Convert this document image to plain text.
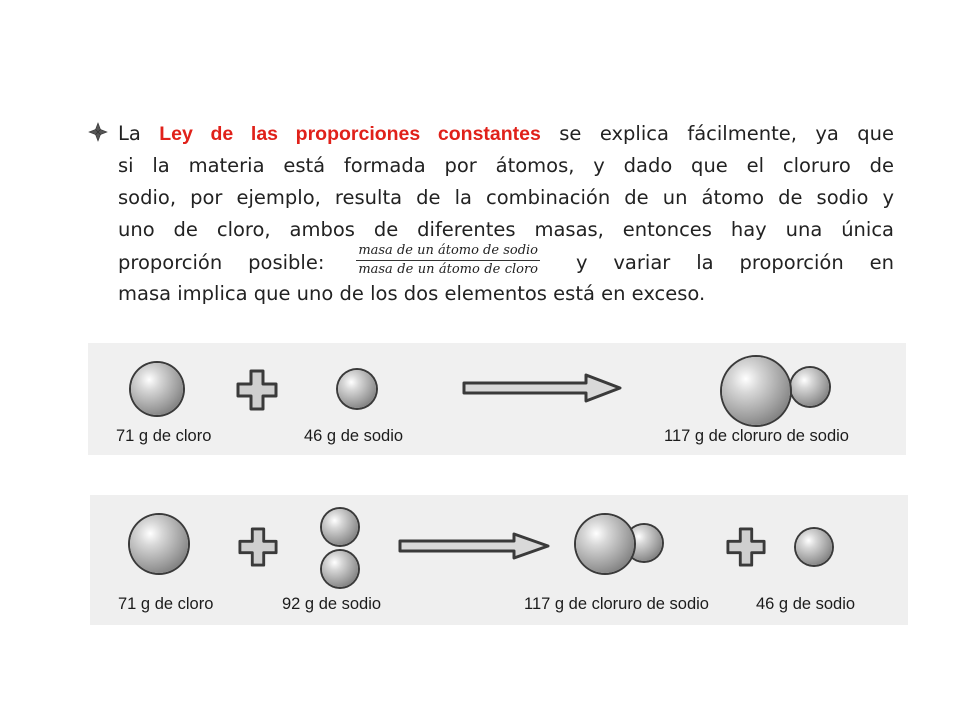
La Ley de las proporciones constantes se explica fácilmente, ya que
si la materia está formada por átomos, y dado que el cloruro de
sodio, por ejemplo, resulta de la combinación de un átomo de sodio y
uno de cloro, ambos de diferentes masas, entonces hay una única
proporción posible: $\frac{\text{masa de un átomo de sodio}}{\text{masa de un átomo de cloro}}$ y variar la proporción en
masa implica que uno de los dos elementos está en exceso.
71 g de cloro	46 g de sodio	117 g de cloruro de sodio
71 g de cloro	92 g de sodio	117 g de cloruro de sodio	46 g de sodio
